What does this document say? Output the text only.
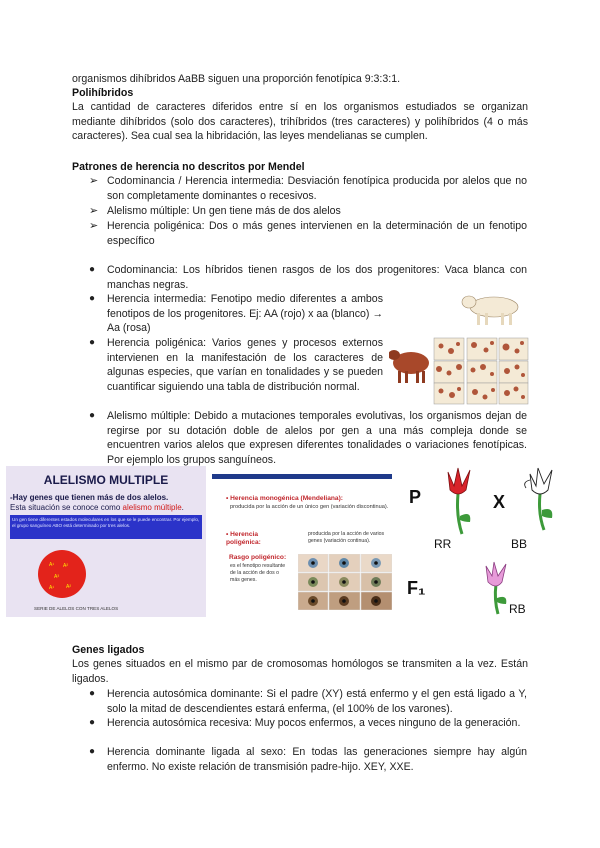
organismos dihíbridos AaBB siguen una proporción fenotípica 9:3:3:1.
Polihíbridos
La cantidad de caracteres diferidos entre sí en los organismos estudiados se organizan mediante dihíbridos (solo dos caracteres), trihíbridos (tres caracteres) y polihíbridos (4 o más caracteres). Sea cual sea la hibridación, las leyes mendelianas se cumplen.
Patrones de herencia no descritos por Mendel
➢ Codominancia / Herencia intermedia: Desviación fenotípica producida por alelos que no son completamente dominantes o recesivos.
➢ Alelismo múltiple: Un gen tiene más de dos alelos
➢ Herencia poligénica: Dos o más genes intervienen en la determinación de un fenotipo específico
● Codominancia: Los híbridos tienen rasgos de los dos progenitores: Vaca blanca con manchas negras.
● Herencia intermedia: Fenotipo medio diferentes a ambos fenotipos de los progenitores. Ej: AA (rojo) x aa (blanco) → Aa (rosa)
● Herencia poligénica: Varios genes y procesos externos intervienen en la manifestación de los caracteres de algunas especies, que varían en tonalidades y se pueden cuantificar siguiendo una tabla de distribución normal.
● Alelismo múltiple: Debido a mutaciones temporales evolutivas, los organismos dejan de regirse por su dotación doble de alelos por gen a una más compleja donde se encuentren varios alelos que expresen diferentes tonalidades o variaciones fenotípicas. Por ejemplo los grupos sanguíneos.
ALELISMO MULTIPLE
-Hay genes que tienen más de dos alelos.
Esta situación se conoce como alelismo múltiple.
Un gen tiene diferentes estados moleculares en los que se le puede encontrar. Por ejemplo, el grupo sanguíneo ABO está determinado por tres alelos.
A¹ A²
A³
A¹ A²
SERIE DE ALELOS CON TRES ALELOS
• Herencia monogénica (Mendeliana):
producida por la acción de un único gen (variación discontinua).
• Herencia poligénica:
producida por la acción de varios genes (variación continua).
Rasgo poligénico:
es el fenotipo resultante de la acción de dos o más genes.
P	X
F₁
RR	BB
RB
Genes ligados
Los genes situados en el mismo par de cromosomas homólogos se transmiten a la vez. Están ligados.
● Herencia autosómica dominante: Si el padre (XY) está enfermo y el gen está ligado a Y, solo la mitad de descendientes estará enferma, (el 100% de los varones).
● Herencia autosómica recesiva: Muy pocos enfermos, a veces ninguno de la generación.
● Herencia dominante ligada al sexo: En todas las generaciones siempre hay algún enfermo. No existe relación de transmisión padre-hijo. XEY, XXE.
